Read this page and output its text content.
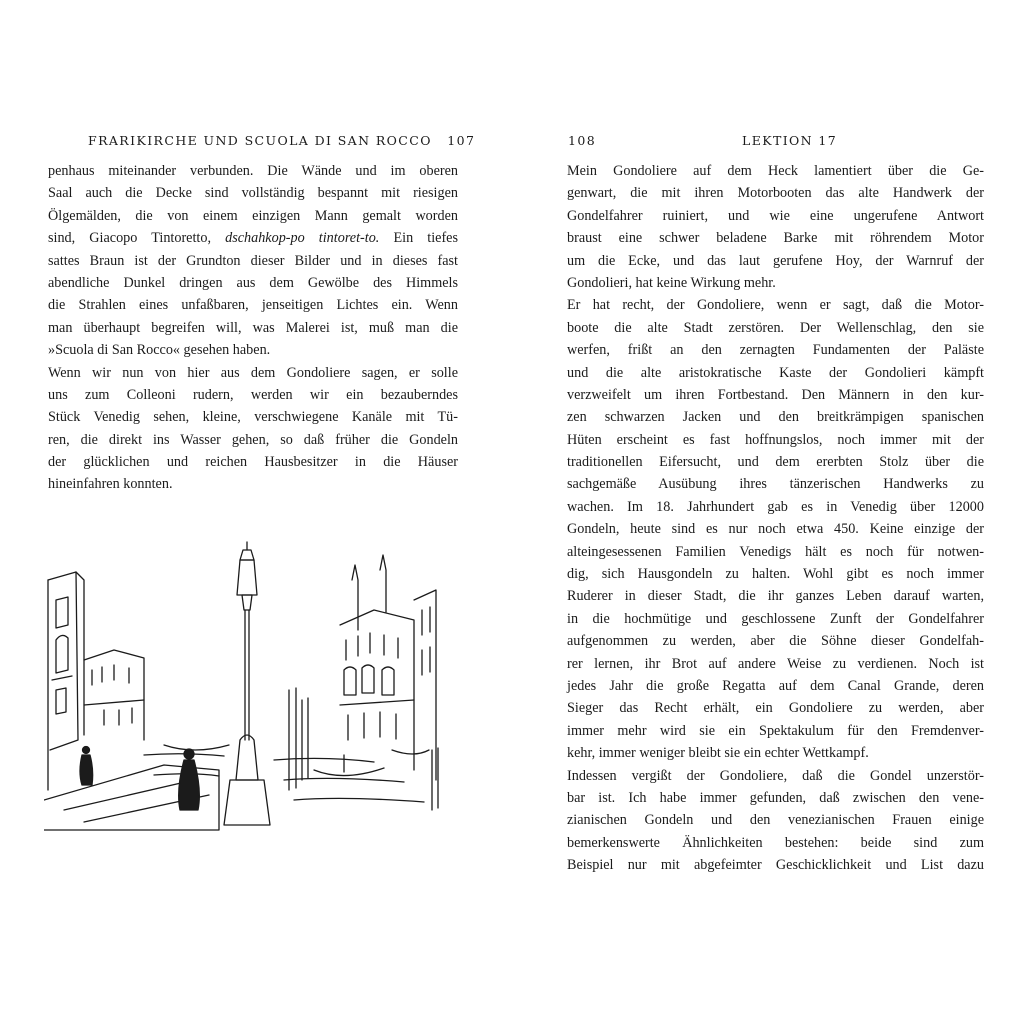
FRARIKIRCHE UND SCUOLA DI SAN ROCCO 107
penhaus miteinander verbunden. Die Wände und im oberen
Saal auch die Decke sind vollständig bespannt mit riesigen
Ölgemälden, die von einem einzigen Mann gemalt worden
sind, Giacopo Tintoretto, dschahkop-po tintoret-to. Ein tiefes
sattes Braun ist der Grundton dieser Bilder und in dieses fast
abendliche Dunkel dringen aus dem Gewölbe des Himmels
die Strahlen eines unfaßbaren, jenseitigen Lichtes ein. Wenn
man überhaupt begreifen will, was Malerei ist, muß man die
»Scuola di San Rocco« gesehen haben.
Wenn wir nun von hier aus dem Gondoliere sagen, er solle
uns zum Colleoni rudern, werden wir ein bezauberndes
Stück Venedig sehen, kleine, verschwiegene Kanäle mit Tü-
ren, die direkt ins Wasser gehen, so daß früher die Gondeln
der glücklichen und reichen Hausbesitzer in die Häuser
hineinfahren konnten.
108	LEKTION 17
Mein Gondoliere auf dem Heck lamentiert über die Ge-
genwart, die mit ihren Motorbooten das alte Handwerk der
Gondelfahrer ruiniert, und wie eine ungerufene Antwort
braust eine schwer beladene Barke mit röhrendem Motor
um die Ecke, und das laut gerufene Hoy, der Warnruf der
Gondolieri, hat keine Wirkung mehr.
Er hat recht, der Gondoliere, wenn er sagt, daß die Motor-
boote die alte Stadt zerstören. Der Wellenschlag, den sie
werfen, frißt an den zernagten Fundamenten der Paläste
und die alte aristokratische Kaste der Gondolieri kämpft
verzweifelt um ihren Fortbestand. Den Männern in den kur-
zen schwarzen Jacken und den breitkrämpigen spanischen
Hüten erscheint es fast hoffnungslos, noch immer mit der
traditionellen Eifersucht, und dem ererbten Stolz über die
sachgemäße Ausübung ihres tänzerischen Handwerks zu
wachen. Im 18. Jahrhundert gab es in Venedig über 12000
Gondeln, heute sind es nur noch etwa 450. Keine einzige der
alteingesessenen Familien Venedigs hält es noch für notwen-
dig, sich Hausgondeln zu halten. Wohl gibt es noch immer
Ruderer in dieser Stadt, die ihr ganzes Leben darauf warten,
in die hochmütige und geschlossene Zunft der Gondelfahrer
aufgenommen zu werden, aber die Söhne dieser Gondelfah-
rer lernen, ihr Brot auf andere Weise zu verdienen. Noch ist
jedes Jahr die große Regatta auf dem Canal Grande, deren
Sieger das Recht erhält, ein Gondoliere zu werden, aber
immer mehr wird sie ein Spektakulum für den Fremdenver-
kehr, immer weniger bleibt sie ein echter Wettkampf.
Indessen vergißt der Gondoliere, daß die Gondel unzerstör-
bar ist. Ich habe immer gefunden, daß zwischen den vene-
zianischen Gondeln und den venezianischen Frauen einige
bemerkenswerte Ähnlichkeiten bestehen: beide sind zum
Beispiel nur mit abgefeimter Geschicklichkeit und List dazu
